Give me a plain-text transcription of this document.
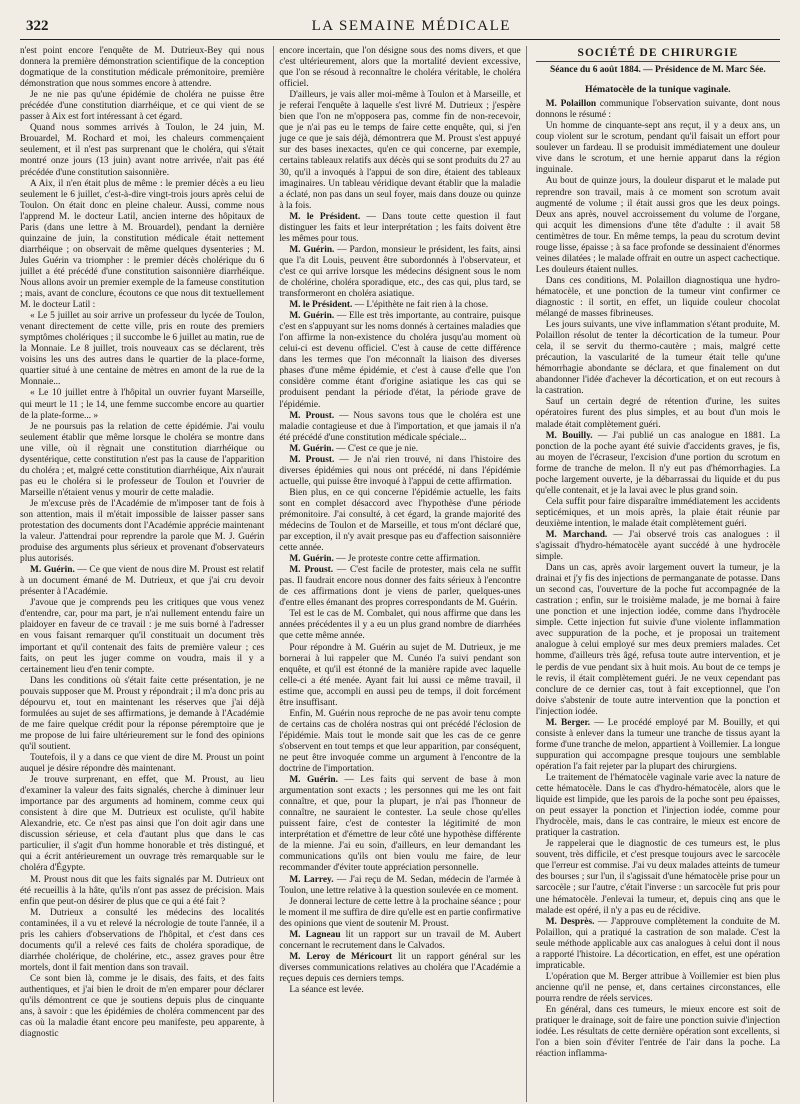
322	LA SEMAINE MÉDICALE

n'est point encore l'enquête de M. Dutrieux-Bey qui nous donnera la première démonstration scientifique de la conception dogmatique de la constitution médicale prémonitoire, première démonstration que nous sommes encore à attendre.

Je ne nie pas qu'une épidémie de choléra ne puisse être précédée d'une constitution diarrhéique, et ce qui vient de se passer à Aix est fort intéressant à cet égard.

Quand nous sommes arrivés à Toulon, le 24 juin, M. Brouardel, M. Rochard et moi, les chaleurs commençaient seulement, et il n'est pas surprenant que le choléra, qui s'était montré onze jours (13 juin) avant notre arrivée, n'ait pas été précédée d'une constitution saisonnière.

A Aix, il n'en était plus de même : le premier décès a eu lieu seulement le 6 juillet, c'est-à-dire vingt-trois jours après celui de Toulon. On était donc en pleine chaleur. Aussi, comme nous l'apprend M. le docteur Latil, ancien interne des hôpitaux de Paris (dans une lettre à M. Brouardel), pendant la dernière quinzaine de juin, la constitution médicale était nettement diarrhéique ; on observait de même quelques dysenteries ; M. Jules Guérin va triompher : le premier décès cholérique du 6 juillet a été précédé d'une constitution saisonnière diarrhéique. Nous allons avoir un premier exemple de la fameuse constitution ; mais, avant de conclure, écoutons ce que nous dit textuellement M. le docteur Latil :

« Le 5 juillet au soir arrive un professeur du lycée de Toulon, venant directement de cette ville, pris en route des premiers symptômes cholériques ; il succombe le 6 juillet au matin, rue de la Monnaie. Le 8 juillet, trois nouveaux cas se déclarent, très voisins les uns des autres dans le quartier de la place-forme, quartier situé à une centaine de mètres en amont de la rue de la Monnaie...

« Le 10 juillet entre à l'hôpital un ouvrier fuyant Marseille, qui meurt le 11 ; le 14, une femme succombe encore au quartier de la plate-forme... »

Je ne poursuis pas la relation de cette épidémie. J'ai voulu seulement établir que même lorsque le choléra se montre dans une ville, où il règnait une constitution diarrhéique ou dysentérique, cette constitution n'est pas la cause de l'apparition du choléra ; et, malgré cette constitution diarrhéique, Aix n'aurait pas eu le choléra si le professeur de Toulon et l'ouvrier de Marseille n'étaient venus y mourir de cette maladie.

Je m'excuse près de l'Académie de m'imposer tant de fois à son attention, mais il m'était impossible de laisser passer sans protestation des documents dont l'Académie apprécie maintenant la valeur. J'attendrai pour reprendre la parole que M. J. Guérin produise des arguments plus sérieux et provenant d'observateurs plus autorisés.

M. Guérin. — Ce que vient de nous dire M. Proust est relatif à un document émané de M. Dutrieux, et que j'ai cru devoir présenter à l'Académie.

J'avoue que je comprends peu les critiques que vous venez d'entendre, car, pour ma part, je n'ai nullement entendu faire un plaidoyer en faveur de ce travail : je me suis borné à l'adresser en vous faisant remarquer qu'il constituait un document très important et qu'il contenait des faits de première valeur ; ces faits, on peut les juger comme on voudra, mais il y a certainement lieu d'en tenir compte.

Dans les conditions où s'était faite cette présentation, je ne pouvais supposer que M. Proust y répondrait ; il m'a donc pris au dépourvu et, tout en maintenant les réserves que j'ai déjà formulées au sujet de ses affirmations, je demande à l'Académie de me faire quelque crédit pour la réponse péremptoire que je me propose de lui faire ultérieurement sur le fond des opinions qu'il soutient.

Toutefois, il y a dans ce que vient de dire M. Proust un point auquel je désire répondre dès maintenant.

Je trouve surprenant, en effet, que M. Proust, au lieu d'examiner la valeur des faits signalés, cherche à diminuer leur importance par des arguments ad hominem, comme ceux qui consistent à dire que M. Dutrieux est oculiste, qu'il habite Alexandrie, etc. Ce n'est pas ainsi que l'on doit agir dans une discussion sérieuse, et cela d'autant plus que dans le cas particulier, il s'agit d'un homme honorable et très distingué, et qui a écrit antérieurement un ouvrage très remarquable sur le choléra d'Égypte.

M. Proust nous dit que les faits signalés par M. Dutrieux ont été recueillis à la hâte, qu'ils n'ont pas assez de précision. Mais enfin que peut-on désirer de plus que ce qui a été fait ?

M. Dutrieux a consulté les médecins des localités contaminées, il a vu et relevé la nécrologie de toute l'année, il a pris les cahiers d'observations de l'hôpital, et c'est dans ces documents qu'il a relevé ces faits de choléra sporadique, de diarrhée cholérique, de cholérine, etc., assez graves pour être mortels, dont il fait mention dans son travail.

Ce sont bien là, comme je le disais, des faits, et des faits authentiques, et j'ai bien le droit de m'en emparer pour déclarer qu'ils démontrent ce que je soutiens depuis plus de cinquante ans, à savoir : que les épidémies de choléra commencent par des cas où la maladie étant encore peu manifeste, peu apparente, à diagnostic

encore incertain, que l'on désigne sous des noms divers, et que c'est ultérieurement, alors que la mortalité devient excessive, que l'on se résoud à reconnaître le choléra véritable, le choléra officiel.

D'ailleurs, je vais aller moi-même à Toulon et à Marseille, et je referai l'enquête à laquelle s'est livré M. Dutrieux ; j'espère bien que l'on ne m'opposera pas, comme fin de non-recevoir, que je n'ai pas eu le temps de faire cette enquête, qui, si j'en juge ce que je sais déjà, démontrera que M. Proust s'est appuyé sur des bases inexactes, qu'en ce qui concerne, par exemple, certains tableaux relatifs aux décès qui se sont produits du 27 au 30, qu'il a invoqués à l'appui de son dire, étaient des tableaux imaginaires. Un tableau véridique devant établir que la maladie a éclaté, non pas dans un seul foyer, mais dans douze ou quinze à la fois.

M. le Président. — Dans toute cette question il faut distinguer les faits et leur interprétation ; les faits doivent être les mêmes pour tous.

M. Guérin. — Pardon, monsieur le président, les faits, ainsi que l'a dit Louis, peuvent être subordonnés à l'observateur, et c'est ce qui arrive lorsque les médecins désignent sous le nom de cholérine, choléra sporadique, etc., des cas qui, plus tard, se transformeront en choléra asiatique.

M. le Président. — L'épithète ne fait rien à la chose.

M. Guérin. — Elle est très importante, au contraire, puisque c'est en s'appuyant sur les noms donnés à certaines maladies que l'on affirme la non-existence du choléra jusqu'au moment où celui-ci est devenu officiel. C'est à cause de cette différence dans les termes que l'on méconnaît la liaison des diverses phases d'une même épidémie, et c'est à cause d'elle que l'on considère comme étant d'origine asiatique les cas qui se produisent pendant la période d'état, la période grave de l'épidémie.

M. Proust. — Nous savons tous que le choléra est une maladie contagieuse et due à l'importation, et que jamais il n'a été précédé d'une constitution médicale spéciale...

M. Guérin. — C'est ce que je nie.

M. Proust. — Je n'ai rien trouvé, ni dans l'histoire des diverses épidémies qui nous ont précédé, ni dans l'épidémie actuelle, qui puisse être invoqué à l'appui de cette affirmation.

Bien plus, en ce qui concerne l'épidémie actuelle, les faits sont en complet désaccord avec l'hypothèse d'une période prémonitoire. J'ai consulté, à cet égard, la grande majorité des médecins de Toulon et de Marseille, et tous m'ont déclaré que, par exception, il n'y avait presque pas eu d'affection saisonnière cette année.

M. Guérin. — Je proteste contre cette affirmation.

M. Proust. — C'est facile de protester, mais cela ne suffit pas. Il faudrait encore nous donner des faits sérieux à l'encontre de ces affirmations dont je viens de parler, quelques-unes d'entre elles émanant des propres correspondants de M. Guérin.

Tel est le cas de M. Combalet, qui nous affirme que dans les années précédentes il y a eu un plus grand nombre de diarrhées que cette même année.

Pour répondre à M. Guérin au sujet de M. Dutrieux, je me bornerai à lui rappeler que M. Cunéo l'a suivi pendant son enquête, et qu'il est étonné de la manière rapide avec laquelle celle-ci a été menée. Ayant fait lui aussi ce même travail, il estime que, accompli en aussi peu de temps, il doit forcément être insuffisant.

Enfin, M. Guérin nous reproche de ne pas avoir tenu compte de certains cas de choléra nostras qui ont précédé l'éclosion de l'épidémie. Mais tout le monde sait que les cas de ce genre s'observent en tout temps et que leur apparition, par conséquent, ne peut être invoquée comme un argument à l'encontre de la doctrine de l'importation.

M. Guérin. — Les faits qui servent de base à mon argumentation sont exacts ; les personnes qui me les ont fait connaître, et que, pour la plupart, je n'ai pas l'honneur de connaître, ne sauraient le contester. La seule chose qu'elles puissent faire, c'est de contester la légitimité de mon interprétation et d'émettre de leur côté une hypothèse différente de la mienne. J'ai eu soin, d'ailleurs, en leur demandant les communications qu'ils ont bien voulu me faire, de leur recommander d'éviter toute appréciation personnelle.

M. Larrey. — J'ai reçu de M. Sedan, médecin de l'armée à Toulon, une lettre relative à la question soulevée en ce moment.

Je donnerai lecture de cette lettre à la prochaine séance ; pour le moment il me suffira de dire qu'elle est en partie confirmative des opinions que vient de soutenir M. Proust.

M. Lagneau lit un rapport sur un travail de M. Aubert concernant le recrutement dans le Calvados.

M. Leroy de Méricourt lit un rapport général sur les diverses communications relatives au choléra que l'Académie a reçues depuis ces derniers temps.

La séance est levée.

SOCIÉTÉ DE CHIRURGIE
Séance du 6 août 1884. — Présidence de M. Marc Sée.
Hématocèle de la tunique vaginale.

M. Polaillon communique l'observation suivante, dont nous donnons le résumé :

Un homme de cinquante-sept ans reçut, il y a deux ans, un coup violent sur le scrotum, pendant qu'il faisait un effort pour soulever un fardeau. Il se produisit immédiatement une douleur vive dans le scrotum, et une hernie apparut dans la région inguinale.

Au bout de quinze jours, la douleur disparut et le malade put reprendre son travail, mais à ce moment son scrotum avait augmenté de volume ; il était aussi gros que les deux poings. Deux ans après, nouvel accroissement du volume de l'organe, qui acquit les dimensions d'une tête d'adulte : il avait 58 centimètres de tour. En même temps, la peau du scrotum devint rouge lisse, épaisse ; à sa face profonde se dessinaient d'énormes veines dilatées ; le malade offrait en outre un aspect cachectique. Les douleurs étaient nulles.

Dans ces conditions, M. Polaillon diagnostiqua une hydro-hématocèle, et une ponction de la tumeur vint confirmer ce diagnostic : il sortit, en effet, un liquide couleur chocolat mélangé de masses fibrineuses.

Les jours suivants, une vive inflammation s'étant produite, M. Polaillon résolut de tenter la décortication de la tumeur. Pour cela, il se servit du thermo-cautère ; mais, malgré cette précaution, la vascularité de la tumeur était telle qu'une hémorrhagie abondante se déclara, et que finalement on dut abandonner l'idée d'achever la décortication, et on eut recours à la castration.

Sauf un certain degré de rétention d'urine, les suites opératoires furent des plus simples, et au bout d'un mois le malade était complètement guéri.

M. Bouilly. — J'ai publié un cas analogue en 1881. La ponction de la poche ayant été suivie d'accidents graves, je fis, au moyen de l'écraseur, l'excision d'une portion du scrotum en forme de tranche de melon. Il n'y eut pas d'hémorrhagies. La poche largement ouverte, je la débarrassai du liquide et du pus qu'elle contenait, et je la lavai avec le plus grand soin.

Cela suffit pour faire disparaître immédiatement les accidents septicémiques, et un mois après, la plaie était réunie par deuxième intention, le malade était complètement guéri.

M. Marchand. — J'ai observé trois cas analogues : il s'agissait d'hydro-hématocèle ayant succédé à une hydrocèle simple.

Dans un cas, après avoir largement ouvert la tumeur, je la drainai et j'y fis des injections de permanganate de potasse. Dans un second cas, l'ouverture de la poche fut accompagnée de la castration ; enfin, sur le troisième malade, je me bornai à faire une ponction et une injection iodée, comme dans l'hydrocèle simple. Cette injection fut suivie d'une violente inflammation avec suppuration de la poche, et je proposai un traitement analogue à celui employé sur mes deux premiers malades. Cet homme, d'ailleurs très âgé, refusa toute autre intervention, et je le perdis de vue pendant six à huit mois. Au bout de ce temps je le revis, il était complètement guéri. Je ne veux cependant pas conclure de ce dernier cas, tout à fait exceptionnel, que l'on doive s'abstenir de toute autre intervention que la ponction et l'injection iodée.

M. Berger. — Le procédé employé par M. Bouilly, et qui consiste à enlever dans la tumeur une tranche de tissus ayant la forme d'une tranche de melon, appartient à Voillemier. La longue suppuration qui accompagne presque toujours une semblable opération l'a fait rejeter par la plupart des chirurgiens.

Le traitement de l'hématocèle vaginale varie avec la nature de cette hématocèle. Dans le cas d'hydro-hématocèle, alors que le liquide est limpide, que les parois de la poche sont peu épaisses, on peut essayer la ponction et l'injection iodée, comme pour l'hydrocèle, mais, dans le cas contraire, le mieux est encore de pratiquer la castration.

Je rappelerai que le diagnostic de ces tumeurs est, le plus souvent, très difficile, et c'est presque toujours avec le sarcocèle que l'erreur est commise. J'ai vu deux malades atteints de tumeur des bourses ; sur l'un, il s'agissait d'une hématocèle prise pour un sarcocèle ; sur l'autre, c'était l'inverse : un sarcocèle fut pris pour une hématocèle. J'enlevai la tumeur, et, depuis cinq ans que le malade est opéré, il n'y a pas eu de récidive.

M. Desprès. — J'approuve complètement la conduite de M. Polaillon, qui a pratiqué la castration de son malade. C'est la seule méthode applicable aux cas analogues à celui dont il nous a rapporté l'histoire. La décortication, en effet, est une opération impraticable.

L'opération que M. Berger attribue à Voillemier est bien plus ancienne qu'il ne pense, et, dans certaines circonstances, elle pourra rendre de réels services.

En général, dans ces tumeurs, le mieux encore est soit de pratiquer le drainage, soit de faire une ponction suivie d'injection iodée. Les résultats de cette dernière opération sont excellents, si l'on a bien soin d'éviter l'entrée de l'air dans la poche. La réaction inflamma-
